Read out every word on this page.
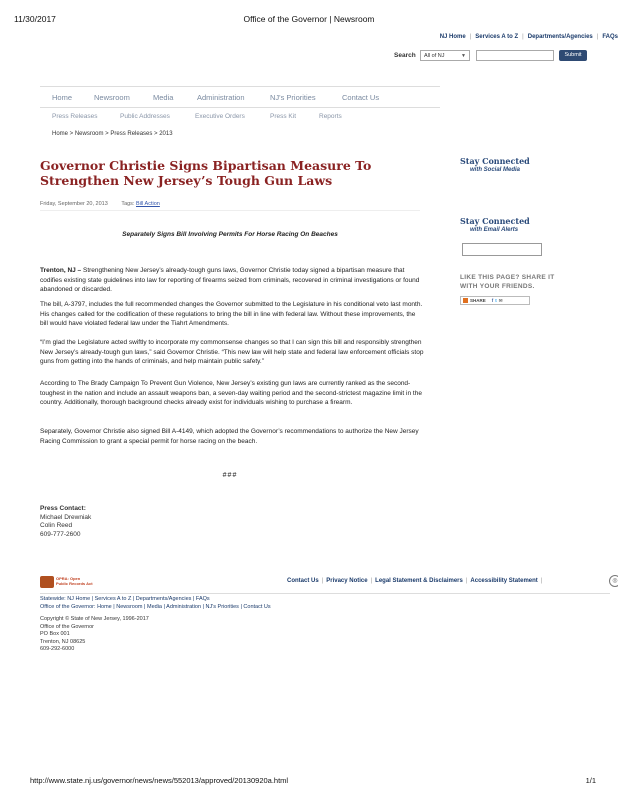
11/30/2017	Office of the Governor | Newsroom
NJ Home | Services A to Z | Departments/Agencies | FAQs
Search	All of NJ	▼	Submit
Home	Newsroom	Media	Administration	NJ's Priorities	Contact Us
Press Releases	Public Addresses	Executive Orders	Press Kit	Reports
Home > Newsroom > Press Releases > 2013
Governor Christie Signs Bipartisan Measure To Strengthen New Jersey’s Tough Gun Laws
Friday, September 20, 2013 Tags: Bill Action
Separately Signs Bill Involving Permits For Horse Racing On Beaches

Trenton, NJ – Strengthening New Jersey’s already-tough guns laws, Governor Christie today signed a bipartisan measure that codifies existing state guidelines into law for reporting of firearms seized from criminals, recovered in criminal investigations or found abandoned or discarded.

The bill, A-3797, includes the full recommended changes the Governor submitted to the Legislature in his conditional veto last month. His changes called for the codification of these regulations to bring the bill in line with federal law. Without these improvements, the bill would have violated federal law under the Tiahrt Amendments.

“I’m glad the Legislature acted swiftly to incorporate my commonsense changes so that I can sign this bill and responsibly strengthen New Jersey’s already-tough gun laws,” said Governor Christie. “This new law will help state and federal law enforcement officials stop guns from getting into the hands of criminals, and help maintain public safety.”

According to The Brady Campaign To Prevent Gun Violence, New Jersey’s existing gun laws are currently ranked as the second-toughest in the nation and include an assault weapons ban, a seven-day waiting period and the second-strictest magazine limit in the country. Additionally, thorough background checks already exist for individuals wishing to purchase a firearm.

Separately, Governor Christie also signed Bill A-4149, which adopted the Governor’s recommendations to authorize the New Jersey Racing Commission to grant a special permit for horse racing on the beach.

###
Press Contact:
Michael Drewniak
Colin Reed
609-777-2600
Stay Connected
with Social Media
Stay Connected
with Email Alerts
LIKE THIS PAGE? SHARE IT
WITH YOUR FRIENDS.
SHARE f t ✉
OPRA: Open
Public Records Act	Contact Us | Privacy Notice | Legal Statement & Disclaimers | Accessibility Statement |	◎
Statewide: NJ Home | Services A to Z | Departments/Agencies | FAQs
Office of the Governor: Home | Newsroom | Media | Administration | NJ's Priorities | Contact Us
Copyright © State of New Jersey, 1996-2017
Office of the Governor
PO Box 001
Trenton, NJ 08625
609-292-6000
http://www.state.nj.us/governor/news/news/552013/approved/20130920a.html	1/1
